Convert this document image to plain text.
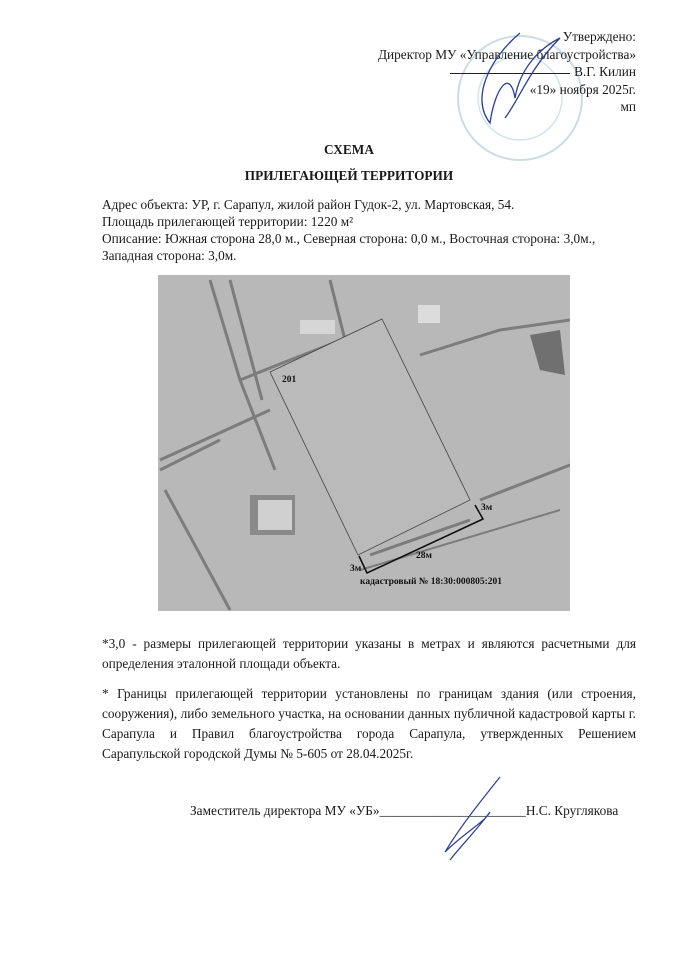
Утверждено:
Директор МУ «Управление благоустройства»
В.Г. Килин
«19» ноября 2025г.
мп
СХЕМА
ПРИЛЕГАЮЩЕЙ ТЕРРИТОРИИ
Адрес объекта: УР, г. Сарапул, жилой район Гудок-2, ул. Мартовская, 54.
Площадь прилегающей территории: 1220 м²
Описание: Южная сторона 28,0 м., Северная сторона: 0,0 м., Восточная сторона: 3,0м., Западная сторона: 3,0м.
201
3м
28м
3м
кадастровый № 18:30:000805:201
*3,0 - размеры прилегающей территории указаны в метрах и являются расчетными для определения эталонной площади объекта.
* Границы прилегающей территории установлены по границам здания (или строения, сооружения), либо земельного участка, на основании данных публичной кадастровой карты г. Сарапула и Правил благоустройства города Сарапула, утвержденных Решением Сарапульской городской Думы № 5-605 от 28.04.2025г.
Заместитель директора МУ «УБ»______________________Н.С. Круглякова
